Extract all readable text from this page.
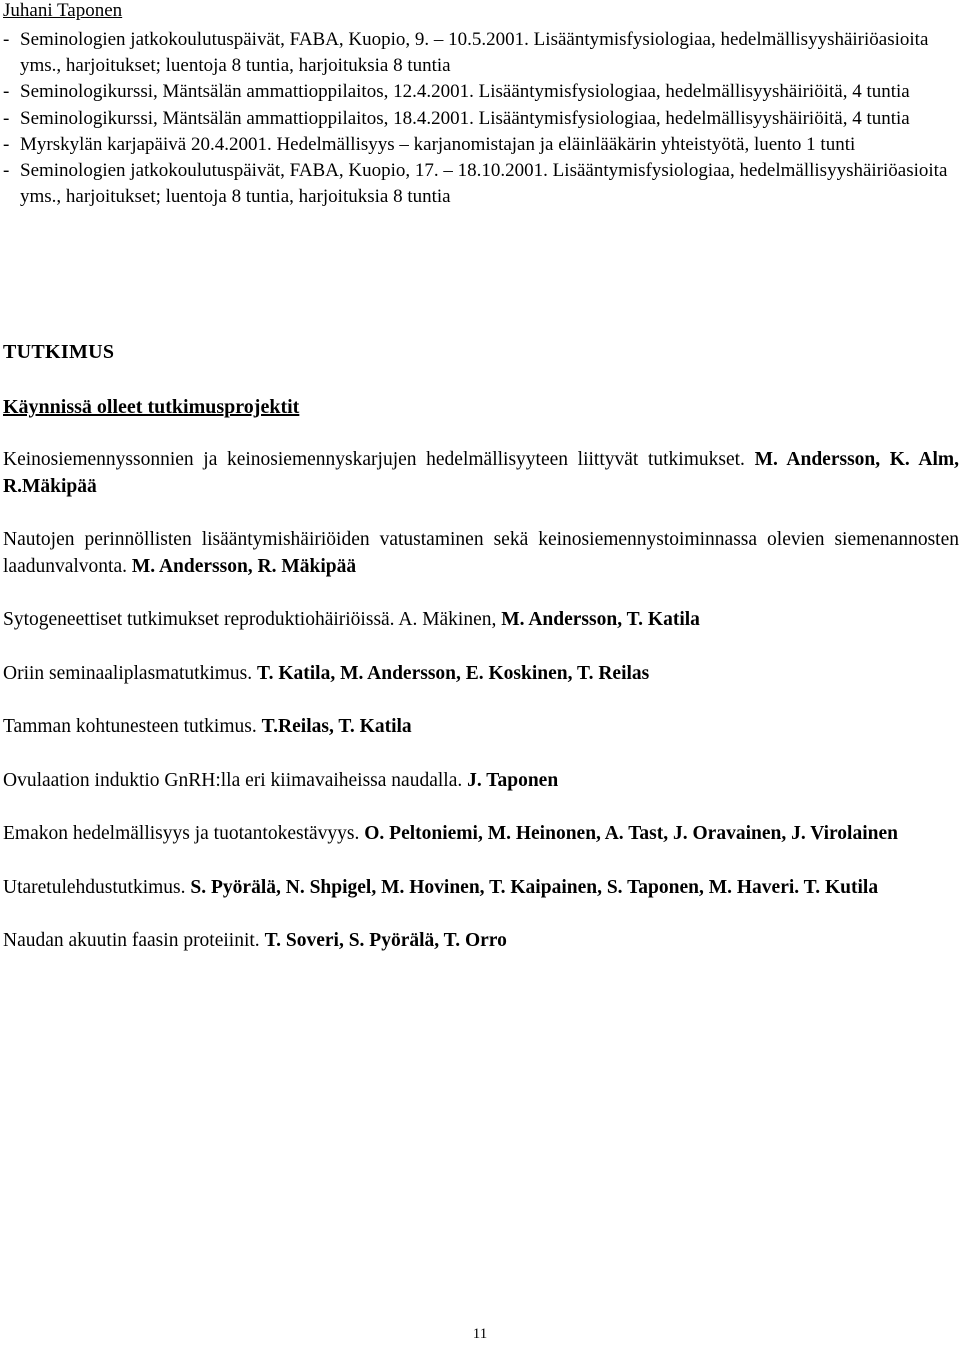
Juhani Taponen
- Seminologien jatkokoulutuspäivät, FABA, Kuopio, 9. – 10.5.2001. Lisääntymisfysiologiaa, hedelmällisyyshäiriöasioita yms., harjoitukset; luentoja 8 tuntia, harjoituksia 8 tuntia
- Seminologikurssi, Mäntsälän ammattioppilaitos, 12.4.2001. Lisääntymisfysiologiaa, hedelmällisyyshäiriöitä, 4 tuntia
- Seminologikurssi, Mäntsälän ammattioppilaitos, 18.4.2001. Lisääntymisfysiologiaa, hedelmällisyyshäiriöitä, 4 tuntia
- Myrskylän karjapäivä 20.4.2001. Hedelmällisyys – karjanomistajan ja eläinlääkärin yhteistyötä, luento 1 tunti
- Seminologien jatkokoulutuspäivät, FABA, Kuopio, 17. – 18.10.2001. Lisääntymisfysiologiaa, hedelmällisyyshäiriöasioita yms., harjoitukset; luentoja 8 tuntia, harjoituksia 8 tuntia
TUTKIMUS
Käynnissä olleet tutkimusprojektit
Keinosiemennyssonnien ja keinosiemennyskarjujen hedelmällisyyteen liittyvät tutkimukset. M. Andersson, K. Alm, R.Mäkipää
Nautojen perinnöllisten lisääntymishäiriöiden vatustaminen sekä keinosiemennystoiminnassa olevien siemenannosten laadunvalvonta. M. Andersson, R. Mäkipää
Sytogeneettiset tutkimukset reproduktiohäiriöissä. A. Mäkinen, M. Andersson, T. Katila
Oriin seminaaliplasmatutkimus. T. Katila, M. Andersson, E. Koskinen, T. Reilas
Tamman kohtunesteen tutkimus. T.Reilas, T. Katila
Ovulaation induktio GnRH:lla eri kiimavaiheissa naudalla. J. Taponen
Emakon hedelmällisyys ja tuotantokestävyys. O. Peltoniemi, M. Heinonen, A. Tast, J. Oravainen, J. Virolainen
Utaretulehdustutkimus. S. Pyörälä, N. Shpigel, M. Hovinen, T. Kaipainen, S. Taponen, M. Haveri. T. Kutila
Naudan akuutin faasin proteiinit. T. Soveri, S. Pyörälä, T. Orro
11
